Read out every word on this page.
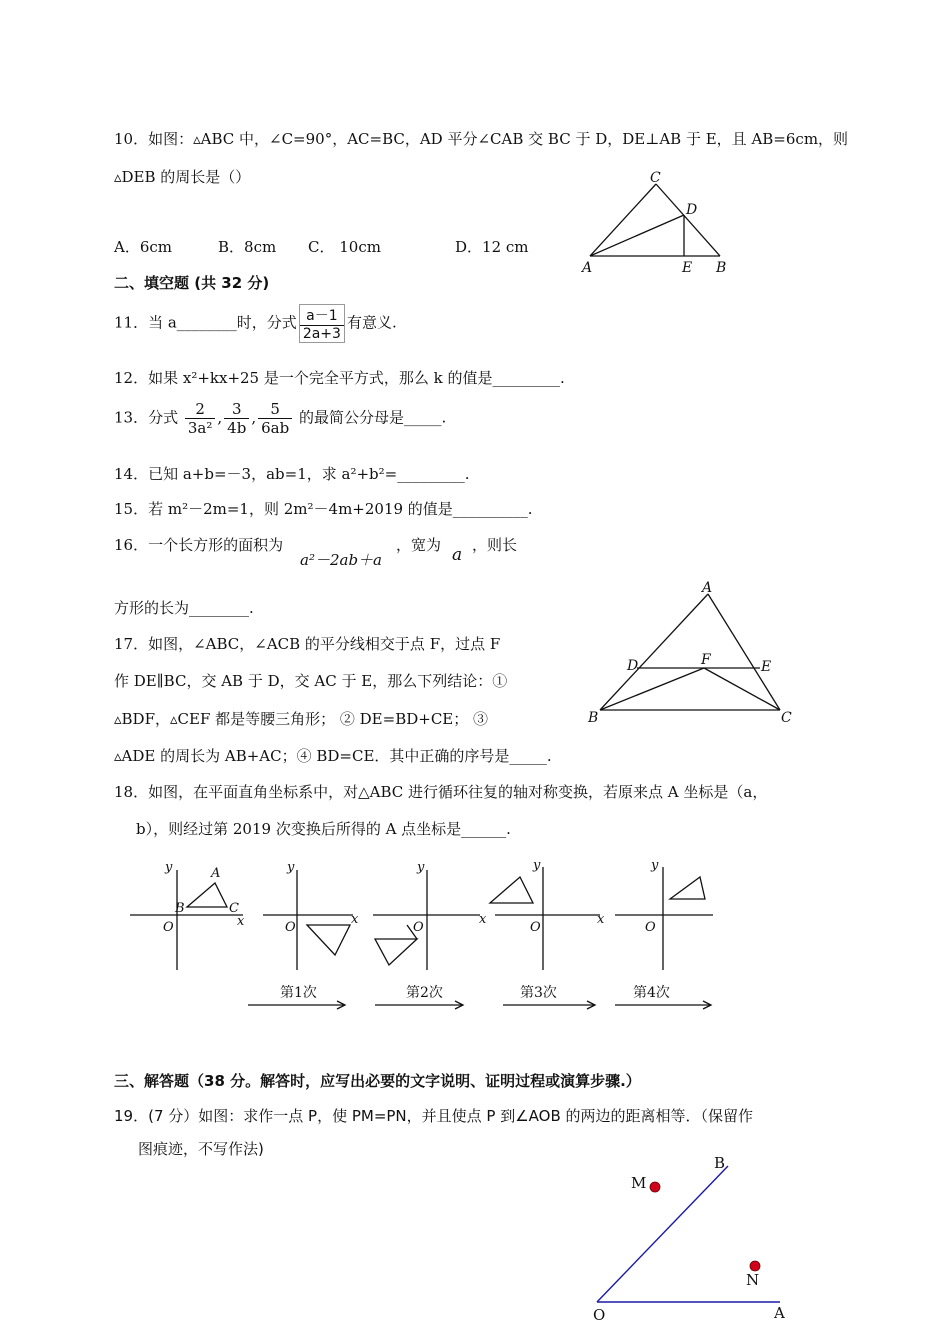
10．如图：▵ABC 中，∠C=90°，AC=BC，AD 平分∠CAB 交 BC 于 D，DE⊥AB 于 E，且 AB=6cm，则
▵DEB 的周长是（）
A．6cm	B．8cm C． 10cm	D．12 cm
A
C
D
E B
二、填空题 (共 32 分)
11．当 a________时，分式 $\frac{a-1}{2a+3}$ 有意义.
12．如果 x²+kx+25 是一个完全平方式，那么 k 的值是_________.
13．分式 $\frac{2}{\text{3a²}}$ , $\frac{3}{4b}$ , $\frac{5}{6ab}$ 的最简公分母是_____.
14．已知 a+b=－3，ab=1，求 a²+b²=_________.
15．若 m²－2m=1，则 2m²－4m+2019 的值是__________.
16．一个长方形的面积为
a²－2ab＋a
，宽为 a ，则长
方形的长为________.
17．如图，∠ABC，∠ACB 的平分线相交于点 F，过点 F
作 DE∥BC，交 AB 于 D，交 AC 于 E，那么下列结论：①
▵BDF，▵CEF 都是等腰三角形； ② DE=BD+CE； ③
▵ADE 的周长为 AB+AC；④ BD=CE．其中正确的序号是_____.
A
D	F	E
B	C
18．如图，在平面直角坐标系中，对△ABC 进行循环往复的轴对称变换，若原来点 A 坐标是（a，
b），则经过第 2019 次变换后所得的 A 点坐标是______.
y
x
O
A
B	C
y
x
O
y
x
O
y
x
O
y
O
第1次	第2次	第3次	第4次
三、解答题（38 分。解答时，应写出必要的文字说明、证明过程或演算步骤.）
19．(7 分）如图：求作一点 P，使 PM=PN，并且使点 P 到∠AOB 的两边的距离相等．（保留作
图痕迹，不写作法)
B
M
N
O	A
